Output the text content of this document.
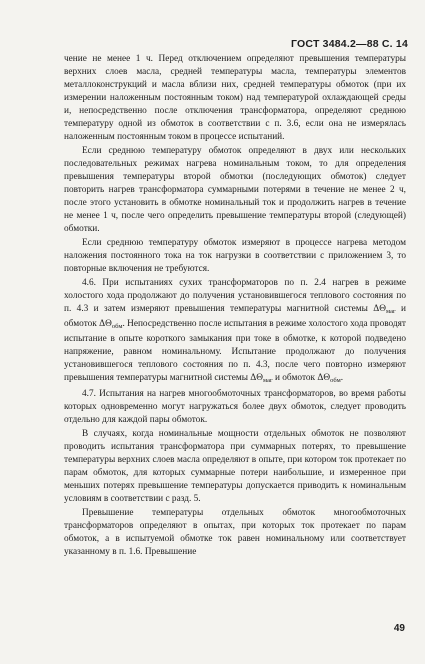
ГОСТ 3484.2—88 С. 14

чение не менее 1 ч. Перед отключением определяют превышения температуры верхних слоев масла, средней температуры масла, температуры элементов металлоконструкций и масла вблизи них, средней температуры обмоток (при их измерении наложенным постоянным током) над температурой охлаждающей среды и, непосредственно после отключения трансформатора, определяют среднюю температуру одной из обмоток в соответствии с п. 3.6, если она не измерялась наложенным постоянным током в процессе испытаний.

Если среднюю температуру обмоток определяют в двух или нескольких последовательных режимах нагрева номинальным током, то для определения превышения температуры второй обмотки (последующих обмоток) следует повторить нагрев трансформатора суммарными потерями в течение не менее 2 ч, после этого установить в обмотке номинальный ток и продолжить нагрев в течение не менее 1 ч, после чего определить превышение температуры второй (следующей) обмотки.

Если среднюю температуру обмоток измеряют в процессе нагрева методом наложения постоянного тока на ток нагрузки в соответствии с приложением 3, то повторные включения не требуются.

4.6. При испытаниях сухих трансформаторов по п. 2.4 нагрев в режиме холостого хода продолжают до получения установившегося теплового состояния по п. 4.3 и затем измеряют превышения температуры магнитной системы $\Delta\Theta_{маг}$ и обмоток $\Delta\Theta_{обм}$. Непосредственно после испытания в режиме холостого хода проводят испытание в опыте короткого замыкания при токе в обмотке, к которой подведено напряжение, равном номинальному. Испытание продолжают до получения установившегося теплового состояния по п. 4.3, после чего повторно измеряют превышения температуры магнитной системы $\Delta\Theta_{маг}$ и обмоток $\Delta\Theta_{обм}$.

4.7. Испытания на нагрев многообмоточных трансформаторов, во время работы которых одновременно могут нагружаться более двух обмоток, следует проводить отдельно для каждой пары обмоток.

В случаях, когда номинальные мощности отдельных обмоток не позволяют проводить испытания трансформатора при суммарных потерях, то превышение температуры верхних слоев масла определяют в опыте, при котором ток протекает по парам обмоток, для которых суммарные потери наибольшие, и измеренное при меньших потерях превышение температуры допускается приводить к номинальным условиям в соответствии с разд. 5.

Превышение температуры отдельных обмоток многообмоточных трансформаторов определяют в опытах, при которых ток протекает по парам обмоток, а в испытуемой обмотке ток равен номинальному или соответствует указанному в п. 1.6. Превышение

49
